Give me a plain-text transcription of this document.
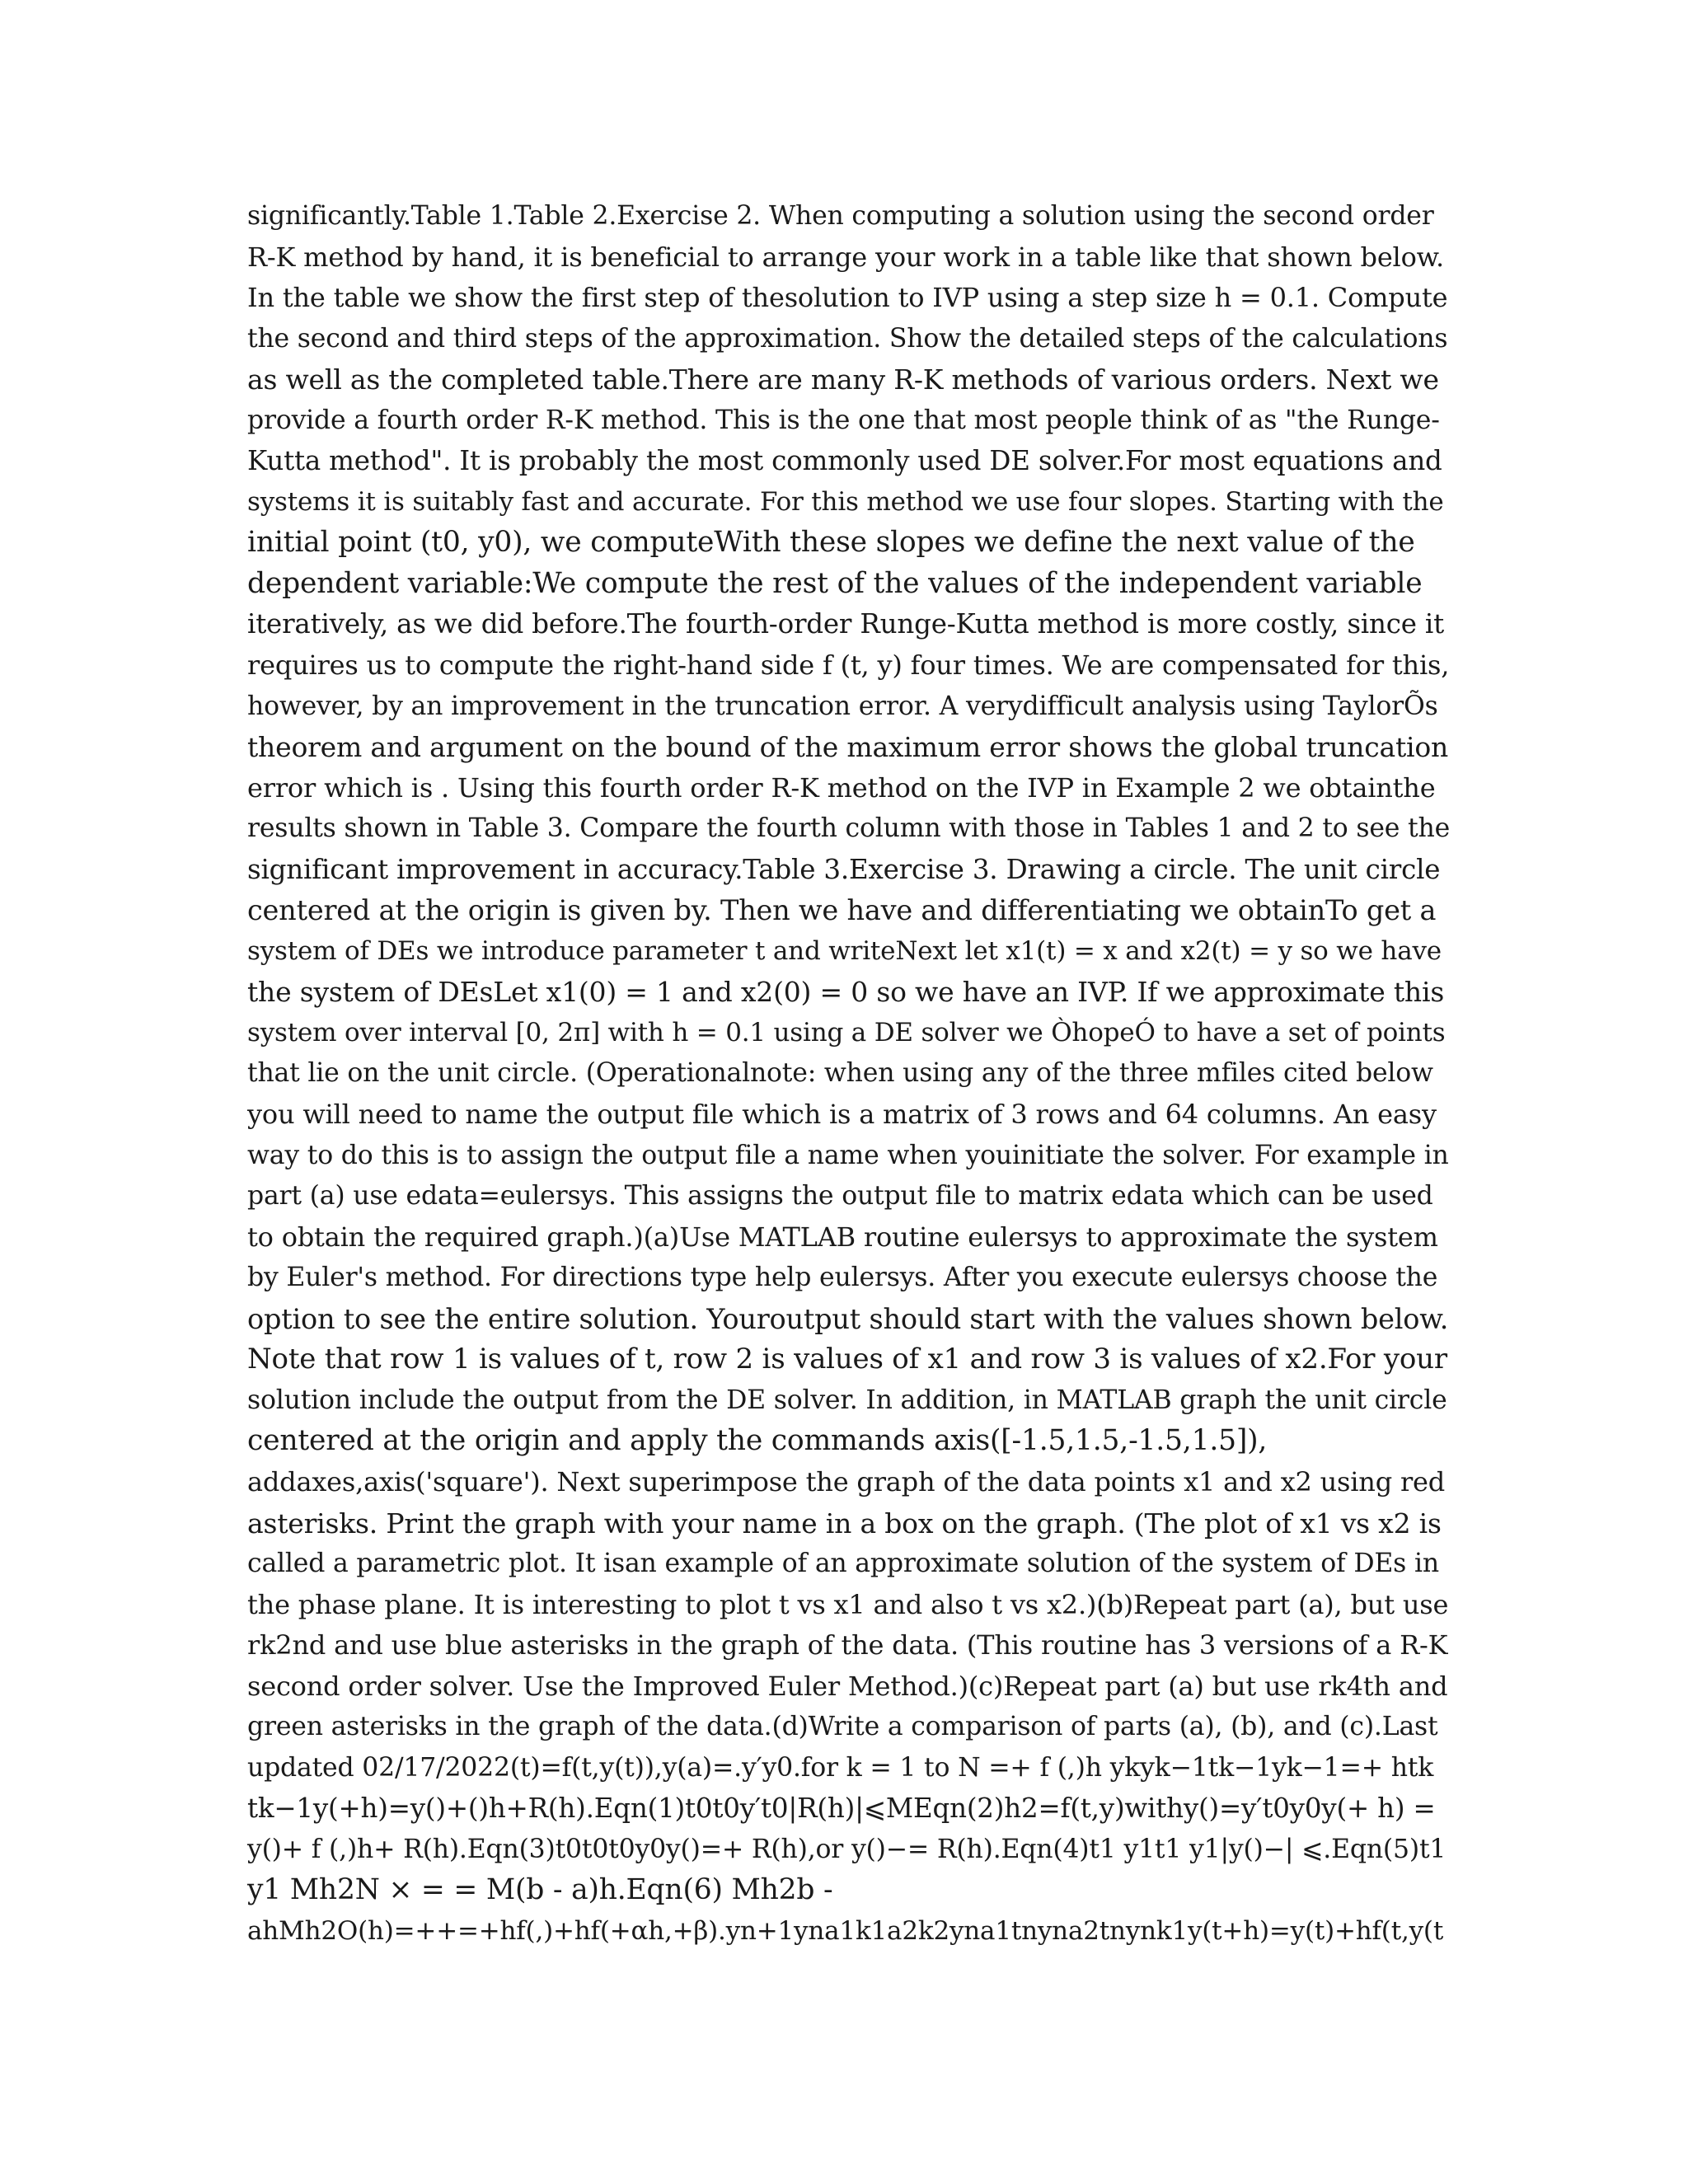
significantly.Table 1.Table 2.Exercise 2. When computing a solution using the second order
R-K method by hand, it is beneficial to arrange your work in a table like that shown below.
In the table we show the first step of thesolution to IVP using a step size h = 0.1. Compute
the second and third steps of the approximation. Show the detailed steps of the calculations
as well as the completed table.There are many R-K methods of various orders. Next we
provide a fourth order R-K method. This is the one that most people think of as "the Runge-
Kutta method". It is probably the most commonly used DE solver.For most equations and
systems it is suitably fast and accurate. For this method we use four slopes. Starting with the
initial point (t0, y0), we computeWith these slopes we define the next value of the
dependent variable:We compute the rest of the values of the independent variable
iteratively, as we did before.The fourth-order Runge-Kutta method is more costly, since it
requires us to compute the right-hand side f (t, y) four times. We are compensated for this,
however, by an improvement in the truncation error. A verydifficult analysis using TaylorÕs
theorem and argument on the bound of the maximum error shows the global truncation
error which is . Using this fourth order R-K method on the IVP in Example 2 we obtainthe
results shown in Table 3. Compare the fourth column with those in Tables 1 and 2 to see the
significant improvement in accuracy.Table 3.Exercise 3. Drawing a circle. The unit circle
centered at the origin is given by. Then we have and differentiating we obtainTo get a
system of DEs we introduce parameter t and writeNext let x1(t) = x and x2(t) = y so we have
the system of DEsLet x1(0) = 1 and x2(0) = 0 so we have an IVP. If we approximate this
system over interval [0, 2π] with h = 0.1 using a DE solver we ÒhopeÓ to have a set of points
that lie on the unit circle. (Operationalnote: when using any of the three mfiles cited below
you will need to name the output file which is a matrix of 3 rows and 64 columns. An easy
way to do this is to assign the output file a name when youinitiate the solver. For example in
part (a) use edata=eulersys. This assigns the output file to matrix edata which can be used
to obtain the required graph.)(a)Use MATLAB routine eulersys to approximate the system
by Euler's method. For directions type help eulersys. After you execute eulersys choose the
option to see the entire solution. Youroutput should start with the values shown below.
Note that row 1 is values of t, row 2 is values of x1 and row 3 is values of x2.For your
solution include the output from the DE solver. In addition, in MATLAB graph the unit circle
centered at the origin and apply the commands axis([-1.5,1.5,-1.5,1.5]),
addaxes,axis('square'). Next superimpose the graph of the data points x1 and x2 using red
asterisks. Print the graph with your name in a box on the graph. (The plot of x1 vs x2 is
called a parametric plot. It isan example of an approximate solution of the system of DEs in
the phase plane. It is interesting to plot t vs x1 and also t vs x2.)(b)Repeat part (a), but use
rk2nd and use blue asterisks in the graph of the data. (This routine has 3 versions of a R-K
second order solver. Use the Improved Euler Method.)(c)Repeat part (a) but use rk4th and
green asterisks in the graph of the data.(d)Write a comparison of parts (a), (b), and (c).Last
updated 02/17/2022(t)=f(t,y(t)),y(a)=.y′y0.for k = 1 to N =+ f (,)h ykyk−1tk−1yk−1=+ htk
tk−1y(+h)=y()+()h+R(h).Eqn(1)t0t0y′t0|R(h)|⩽MEqn(2)h2=f(t,y)withy()=y′t0y0y(+ h) =
y()+ f (,)h+ R(h).Eqn(3)t0t0t0y0y()=+ R(h),or y()−= R(h).Eqn(4)t1 y1t1 y1|y()−| ⩽.Eqn(5)t1
y1 Mh2N × = = M(b - a)h.Eqn(6) Mh2b -
ahMh2O(h)=++=+hf(,)+hf(+αh,+β).yn+1yna1k1a2k2yna1tnyna2tnynk1y(t+h)=y(t)+hf(t,y(t
